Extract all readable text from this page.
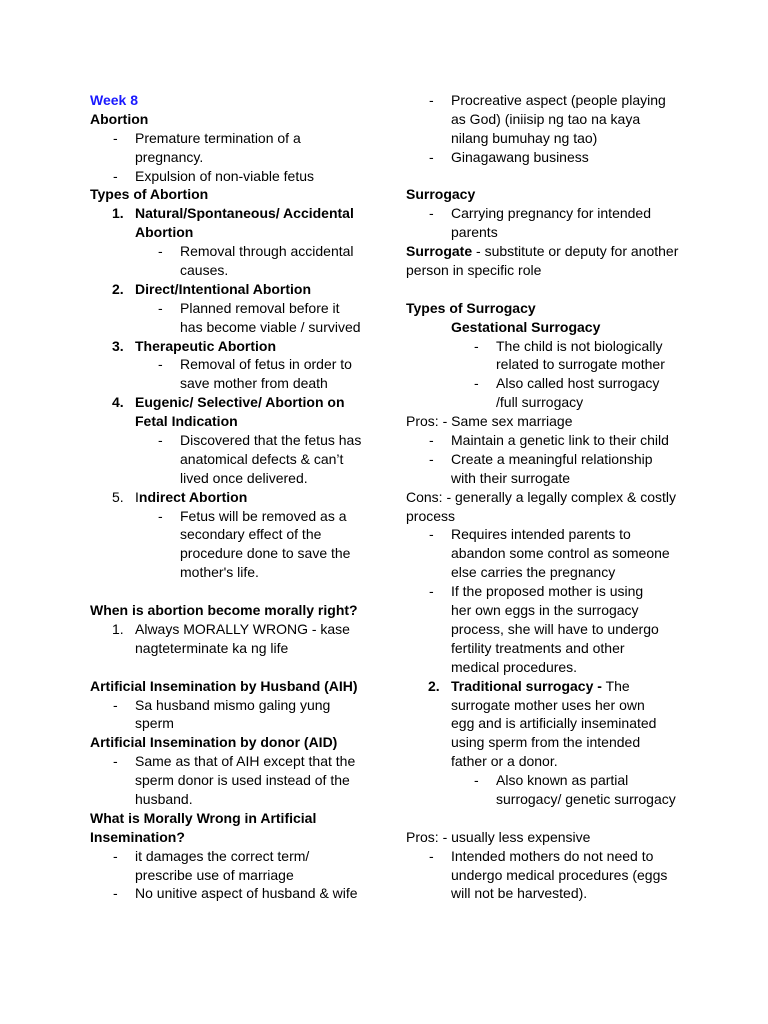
Week 8
Abortion
- Premature termination of a
pregnancy.
- Expulsion of non-viable fetus
Types of Abortion
1. Natural/Spontaneous/ Accidental
Abortion
- Removal through accidental
causes.
2. Direct/Intentional Abortion
- Planned removal before it
has become viable / survived
3. Therapeutic Abortion
- Removal of fetus in order to
save mother from death
4. Eugenic/ Selective/ Abortion on
Fetal Indication
- Discovered that the fetus has
anatomical defects & can’t
lived once delivered.
5. Indirect Abortion
- Fetus will be removed as a
secondary effect of the
procedure done to save the
mother's life.
When is abortion become morally right?
1. Always MORALLY WRONG - kase
nagteterminate ka ng life
Artificial Insemination by Husband (AIH)
- Sa husband mismo galing yung
sperm
Artificial Insemination by donor (AID)
- Same as that of AIH except that the
sperm donor is used instead of the
husband.
What is Morally Wrong in Artificial
Insemination?
- it damages the correct term/
prescribe use of marriage
- No unitive aspect of husband & wife
- Procreative aspect (people playing
as God) (iniisip ng tao na kaya
nilang bumuhay ng tao)
- Ginagawang business
Surrogacy
- Carrying pregnancy for intended
parents
Surrogate - substitute or deputy for another
person in specific role
Types of Surrogacy
Gestational Surrogacy
- The child is not biologically
related to surrogate mother
- Also called host surrogacy
/full surrogacy
Pros: - Same sex marriage
- Maintain a genetic link to their child
- Create a meaningful relationship
with their surrogate
Cons: - generally a legally complex & costly
process
- Requires intended parents to
abandon some control as someone
else carries the pregnancy
- If the proposed mother is using
her own eggs in the surrogacy
process, she will have to undergo
fertility treatments and other
medical procedures.
2. Traditional surrogacy - The
surrogate mother uses her own
egg and is artificially inseminated
using sperm from the intended
father or a donor.
- Also known as partial
surrogacy/ genetic surrogacy
Pros: - usually less expensive
- Intended mothers do not need to
undergo medical procedures (eggs
will not be harvested).
